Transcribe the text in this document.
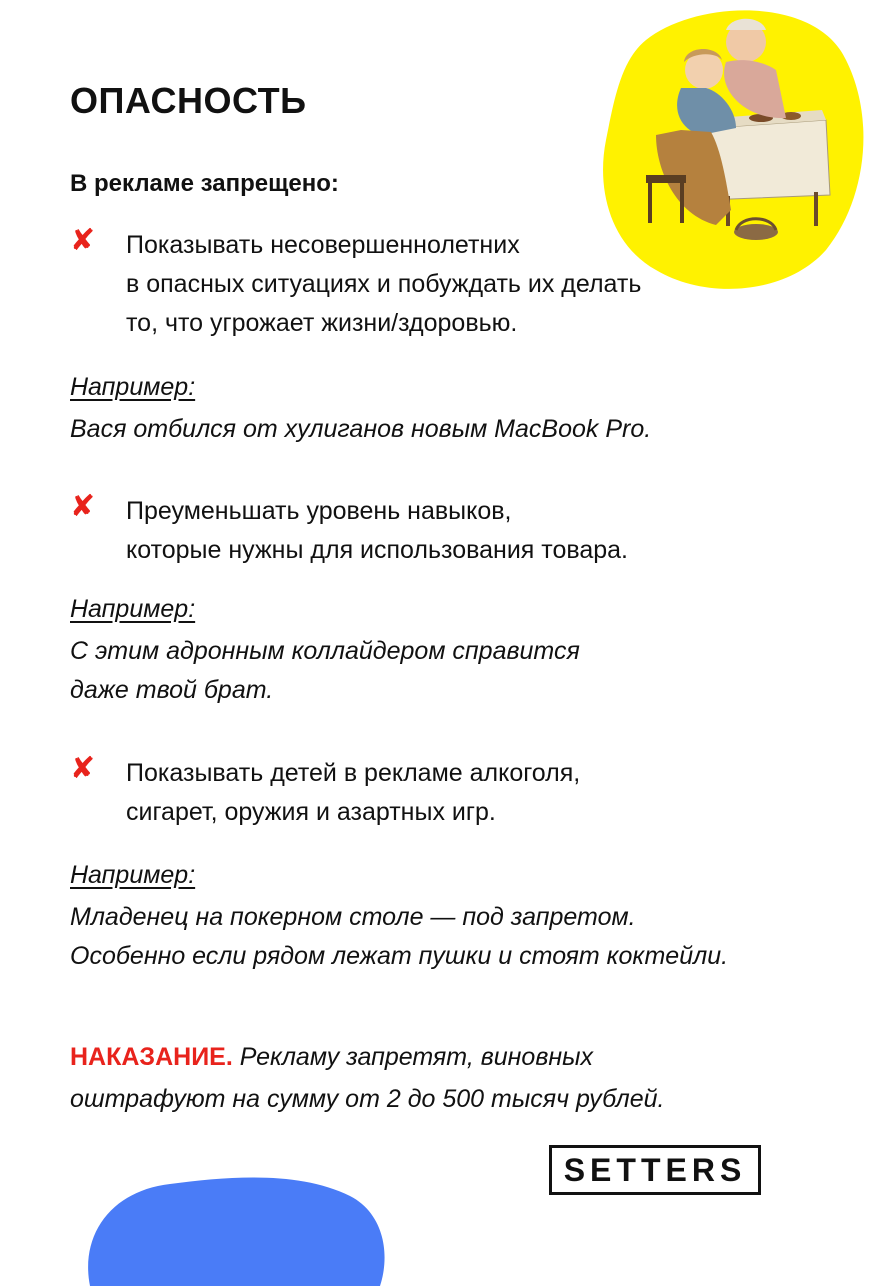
ОПАСНОСТЬ
В рекламе запрещено:
✘ Показывать несовершеннолетних
в опасных ситуациях и побуждать их делать
то, что угрожает жизни/здоровью.

Например:

Вася отбился от хулиганов новым MacBook Pro.

✘ Преуменьшать уровень навыков,
которые нужны для использования товара.

Например:

С этим адронным коллайдером справится
даже твой брат.

✘ Показывать детей в рекламе алкоголя,
сигарет, оружия и азартных игр.

Например:

Младенец на покерном столе — под запретом.
Особенно если рядом лежат пушки и стоят коктейли.

НАКАЗАНИЕ. Рекламу запретят, виновных
оштрафуют на сумму от 2 до 500 тысяч рублей.

SETTERS
